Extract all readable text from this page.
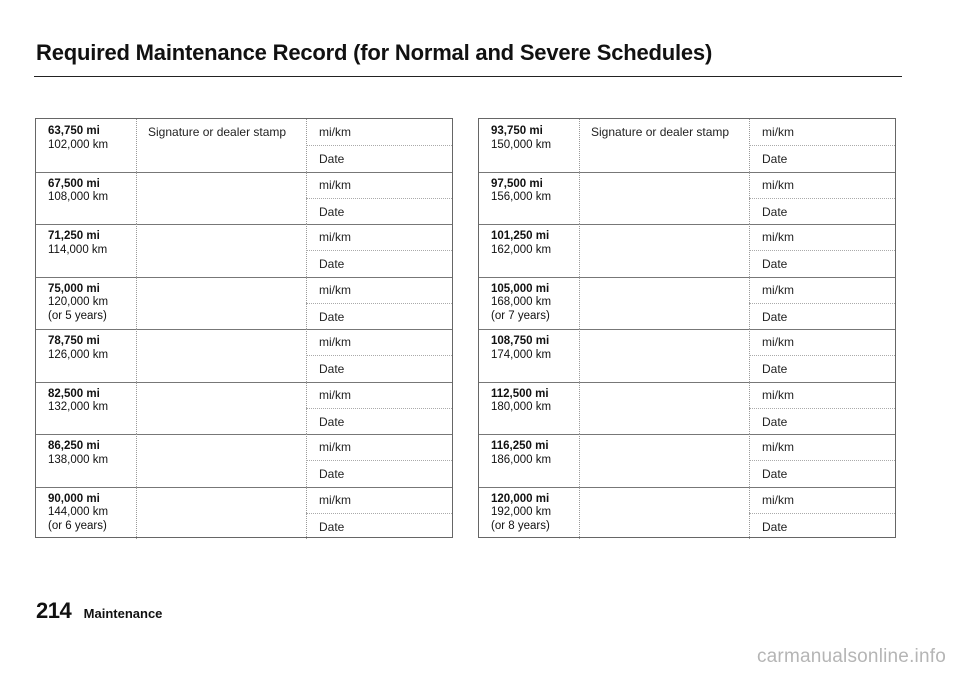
Required Maintenance Record (for Normal and Severe Schedules)
63,750 mi
102,000 km
Signature or dealer stamp	mi/km
Date
67,500 mi
108,000 km
mi/km
Date
71,250 mi
114,000 km
mi/km
Date
75,000 mi
120,000 km
(or 5 years)
mi/km
Date
78,750 mi
126,000 km
mi/km
Date
82,500 mi
132,000 km
mi/km
Date
86,250 mi
138,000 km
mi/km
Date
90,000 mi
144,000 km
(or 6 years)
mi/km
Date
93,750 mi
150,000 km
Signature or dealer stamp	mi/km
Date
97,500 mi
156,000 km
mi/km
Date
101,250 mi
162,000 km
mi/km
Date
105,000 mi
168,000 km
(or 7 years)
mi/km
Date
108,750 mi
174,000 km
mi/km
Date
112,500 mi
180,000 km
mi/km
Date
116,250 mi
186,000 km
mi/km
Date
120,000 mi
192,000 km
(or 8 years)
mi/km
Date
214 Maintenance
carmanualsonline.info
